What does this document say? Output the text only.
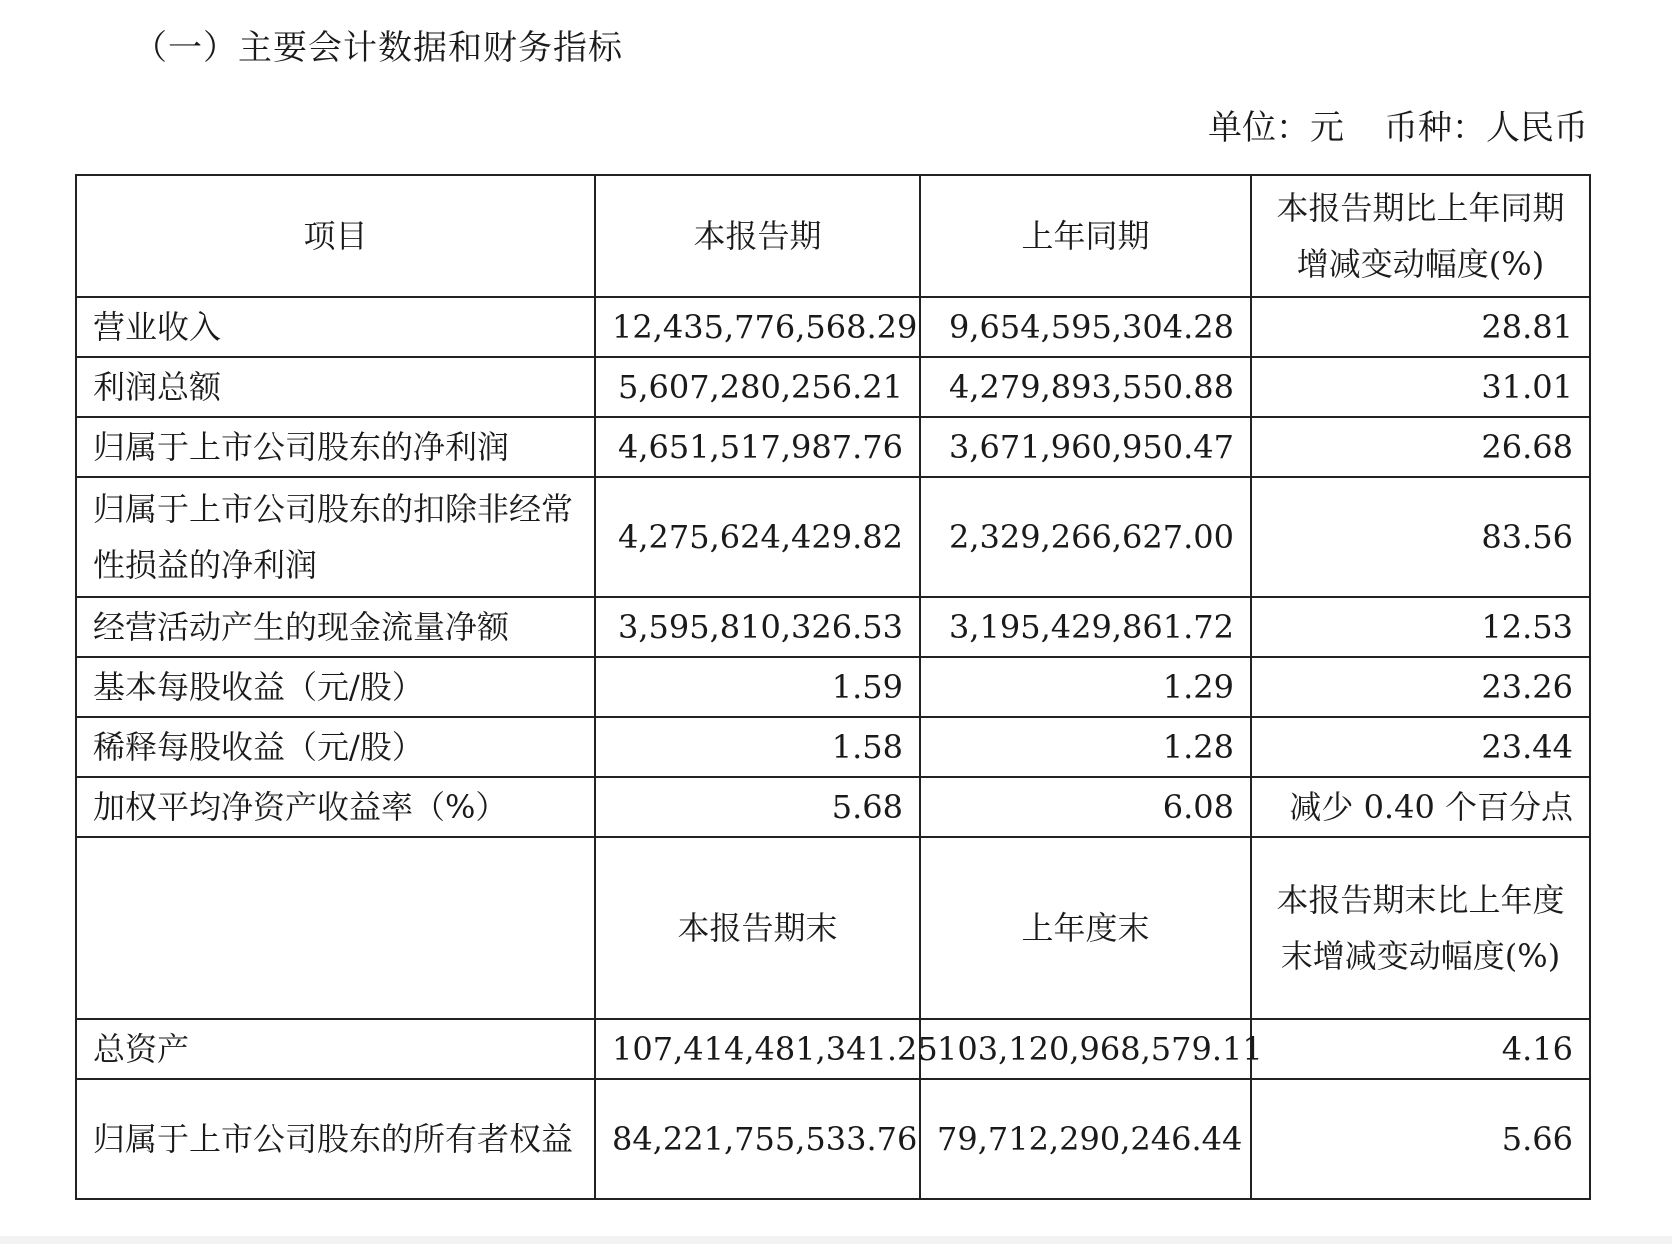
（一）主要会计数据和财务指标
单位：元 币种：人民币
项目	本报告期	上年同期	本报告期比上年同期增减变动幅度(%)
营业收入	12,435,776,568.29	9,654,595,304.28	28.81
利润总额	5,607,280,256.21	4,279,893,550.88	31.01
归属于上市公司股东的净利润	4,651,517,987.76	3,671,960,950.47	26.68
归属于上市公司股东的扣除非经常性损益的净利润	4,275,624,429.82	2,329,266,627.00	83.56
经营活动产生的现金流量净额	3,595,810,326.53	3,195,429,861.72	12.53
基本每股收益（元/股）	1.59	1.29	23.26
稀释每股收益（元/股）	1.58	1.28	23.44
加权平均净资产收益率（%）	5.68	6.08	减少 0.40 个百分点
	本报告期末	上年度末	本报告期末比上年度末增减变动幅度(%)
总资产	107,414,481,341.25	103,120,968,579.11	4.16
归属于上市公司股东的所有者权益	84,221,755,533.76	79,712,290,246.44	5.66
